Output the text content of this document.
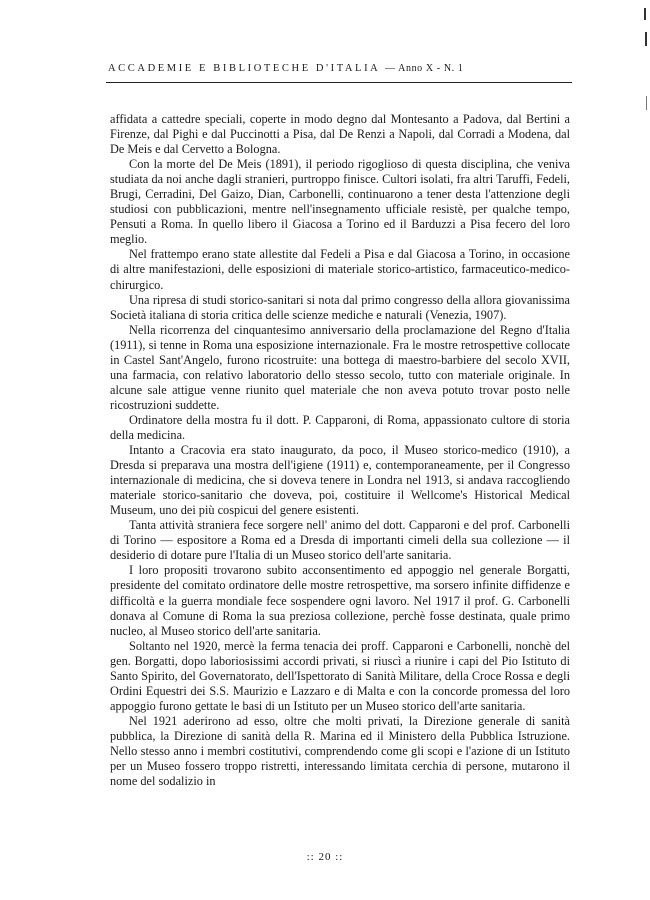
ACCADEMIE E BIBLIOTECHE D'ITALIA — Anno X - N. 1

affidata a cattedre speciali, coperte in modo degno dal Montesanto a Padova, dal Bertini a Firenze, dal Pighi e dal Puccinotti a Pisa, dal De Renzi a Napoli, dal Corradi a Modena, dal De Meis e dal Cervetto a Bologna.

Con la morte del De Meis (1891), il periodo rigoglioso di questa disciplina, che veniva studiata da noi anche dagli stranieri, purtroppo finisce. Cultori isolati, fra altri Taruffi, Fedeli, Brugi, Cerradini, Del Gaizo, Dian, Carbonelli, continuarono a tener desta l'attenzione degli studiosi con pubblicazioni, mentre nell'insegnamento ufficiale resistè, per qualche tempo, Pensuti a Roma. In quello libero il Giacosa a Torino ed il Barduzzi a Pisa fecero del loro meglio.

Nel frattempo erano state allestite dal Fedeli a Pisa e dal Giacosa a Torino, in occasione di altre manifestazioni, delle esposizioni di materiale storico-artistico, farmaceutico-medico-chirurgico.

Una ripresa di studi storico-sanitari si nota dal primo congresso della allora giovanissima Società italiana di storia critica delle scienze mediche e naturali (Venezia, 1907).

Nella ricorrenza del cinquantesimo anniversario della proclamazione del Regno d'Italia (1911), si tenne in Roma una esposizione internazionale. Fra le mostre retrospettive collocate in Castel Sant'Angelo, furono ricostruite: una bottega di maestro-barbiere del secolo XVII, una farmacia, con relativo laboratorio dello stesso secolo, tutto con materiale originale. In alcune sale attigue venne riunito quel materiale che non aveva potuto trovar posto nelle ricostruzioni suddette.

Ordinatore della mostra fu il dott. P. Capparoni, di Roma, appassionato cultore di storia della medicina.

Intanto a Cracovia era stato inaugurato, da poco, il Museo storico-medico (1910), a Dresda si preparava una mostra dell'igiene (1911) e, contemporaneamente, per il Congresso internazionale di medicina, che si doveva tenere in Londra nel 1913, si andava raccogliendo materiale storico-sanitario che doveva, poi, costituire il Wellcome's Historical Medical Museum, uno dei più cospicui del genere esistenti.

Tanta attività straniera fece sorgere nell' animo del dott. Capparoni e del prof. Carbonelli di Torino — espositore a Roma ed a Dresda di importanti cimeli della sua collezione — il desiderio di dotare pure l'Italia di un Museo storico dell'arte sanitaria.

I loro propositi trovarono subito acconsentimento ed appoggio nel generale Borgatti, presidente del comitato ordinatore delle mostre retrospettive, ma sorsero infinite diffidenze e difficoltà e la guerra mondiale fece sospendere ogni lavoro. Nel 1917 il prof. G. Carbonelli donava al Comune di Roma la sua preziosa collezione, perchè fosse destinata, quale primo nucleo, al Museo storico dell'arte sanitaria.

Soltanto nel 1920, mercè la ferma tenacia dei proff. Capparoni e Carbonelli, nonchè del gen. Borgatti, dopo laboriosissimi accordi privati, si riuscì a riunire i capi del Pio Istituto di Santo Spirito, del Governatorato, dell'Ispettorato di Sanità Militare, della Croce Rossa e degli Ordini Equestri dei S.S. Maurizio e Lazzaro e di Malta e con la concorde promessa del loro appoggio furono gettate le basi di un Istituto per un Museo storico dell'arte sanitaria.

Nel 1921 aderirono ad esso, oltre che molti privati, la Direzione generale di sanità pubblica, la Direzione di sanità della R. Marina ed il Ministero della Pubblica Istruzione. Nello stesso anno i membri costitutivi, comprendendo come gli scopi e l'azione di un Istituto per un Museo fossero troppo ristretti, interessando limitata cerchia di persone, mutarono il nome del sodalizio in

:: 20 ::
